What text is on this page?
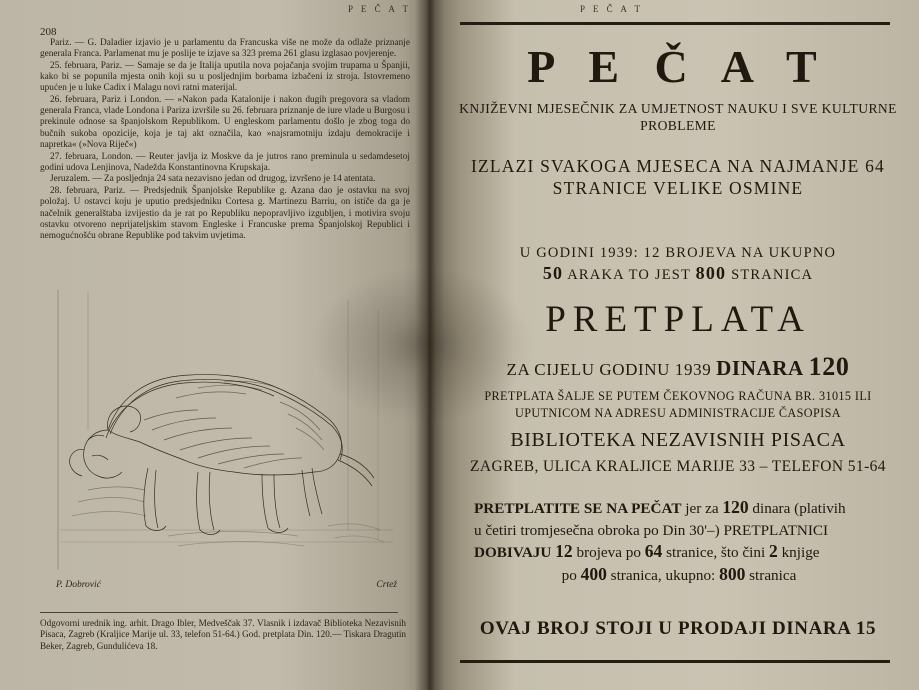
P E Č A T
208

Pariz. — G. Daladier izjavio je u parlamentu da Francuska više ne može da odlaže priznanje generala Franca. Parlamenat mu je poslije te izjave sa 323 prema 261 glasu izglasao povjerenje.

25. februara, Pariz. — Samaje se da je Italija uputila nova pojačanja svojim trupama u Španjii, kako bi se popunila mjesta onih koji su u posljednjim borbama izbačeni iz stroja. Istovremeno upućen je u luke Cadix i Malagu novi ratni materijal.

26. februara, Pariz i London. — »Nakon pada Katalonije i nakon dugih pregovora sa vladom generala Franca, vlade Londona i Pariza izvršile su 26. februara priznanje de iure vlade u Burgosu i prekinule odnose sa španjolskom Republikom. U engleskom parlamentu došlo je zbog toga do bučnih sukoba opozicije, koja je taj akt označila, kao »najsramotniju izdaju demokracije i napretka« (»Nova Riječ«)

27. februara, London. — Reuter javlja iz Moskve da je jutros rano preminula u sedamdesetoj godini udova Lenjinova, Nadežda Konstantinovna Krupskaja.

Jeruzalem. — Za posljednja 24 sata nezavisno jedan od drugog, izvršeno je 14 atentata.

28. februara, Pariz. — Predsjednik Španjolske Republike g. Azana dao je ostavku na svoj položaj. U ostavci koju je uputio predsjedniku Cortesa g. Martinezu Barriu, on ističe da ga je načelnik generalštaba izvijestio da je rat po Republiku nepopravljivo izgubljen, i motivira svoju ostavku otvoreno neprijateljskim stavom Engleske i Francuske prema Španjolskoj Republici i nemogućnošću obrane Republike pod takvim uvjetima.

P. Dobrović	Crtež
Odgovorni urednik ing. arhit. Drago Ibler, Medveščak 37. Vlasnik i izdavač Biblioteka Nezavisnih Pisaca, Zagreb (Kraljice Marije ul. 33, telefon 51-64.) God. pretplata Din. 120.— Tiskara Dragutin Beker, Zagreb, Gundulićeva 18.
P E Č A T
P E Č A T
KNJIŽEVNI MJESEČNIK ZA UMJETNOST NAUKU I SVE KULTURNE PROBLEME
IZLAZI SVAKOGA MJESECA NA NAJMANJE 64 STRANICE VELIKE OSMINE
U GODINI 1939: 12 BROJEVA NA UKUPNO
50 ARAKA TO JEST 800 STRANICA
PRETPLATA
ZA CIJELU GODINU 1939 DINARA 120
PRETPLATA ŠALJE SE PUTEM ČEKOVNOG RAČUNA BR. 31015 ILI UPUTNICOM NA ADRESU ADMINISTRACIJE ČASOPISA
BIBLIOTEKA NEZAVISNIH PISACA
ZAGREB, ULICA KRALJICE MARIJE 33 – TELEFON 51-64
PRETPLATITE SE NA PEČAT jer za 120 dinara (plativih
u četiri tromjesečna obroka po Din 30'–) PRETPLATNICI
DOBIVAJU 12 brojeva po 64 stranice, što čini 2 knjige

po 400 stranica, ukupno: 800 stranica
OVAJ BROJ STOJI U PRODAJI DINARA 15
